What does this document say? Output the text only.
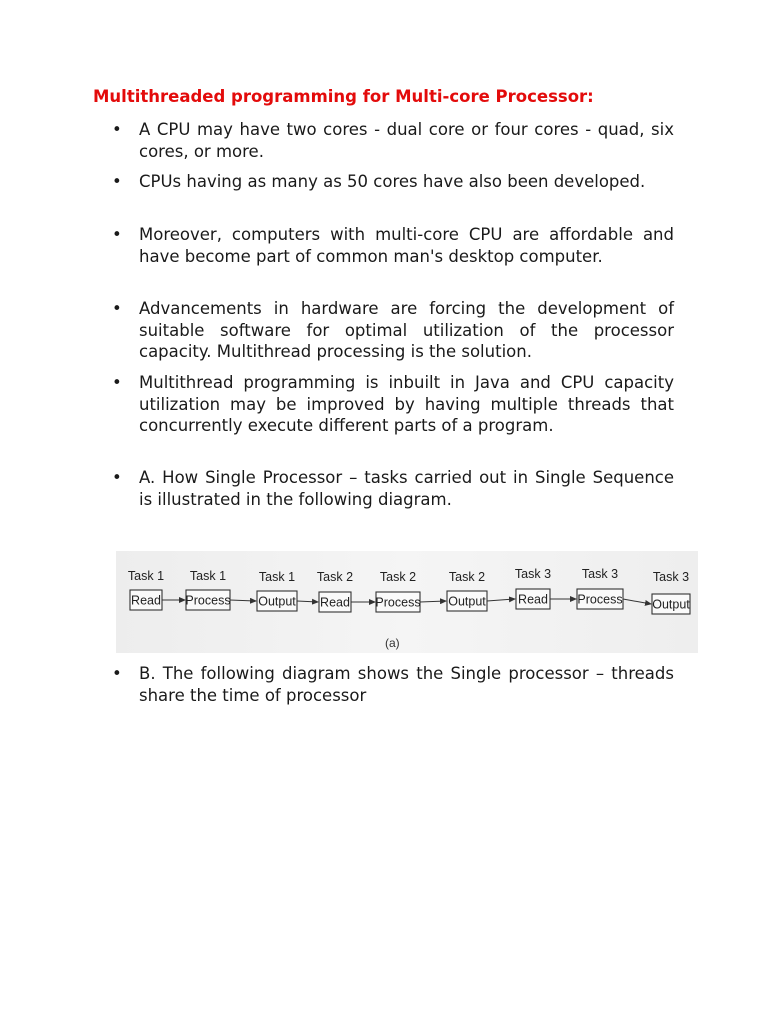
Multithreaded programming for Multi-core Processor:
•	A CPU may have two cores - dual core or four cores - quad, six cores, or more.
•	CPUs having as many as 50 cores have also been developed.
•	Moreover, computers with multi-core CPU are affordable and have become part of common man's desktop computer.
•	Advancements in hardware are forcing the development of suitable software for optimal utilization of the processor capacity. Multithread processing is the solution.
•	Multithread programming is inbuilt in Java and CPU capacity utilization may be improved by having multiple threads that concurrently execute different parts of a program.
•	A. How Single Processor – tasks carried out in Single Sequence is illustrated in the following diagram.
•	B. The following diagram shows the Single processor – threads share the time of processor
Task 1
Read
Task 1
Process
Task 1
Output
Task 2
Read
Task 2
Process
Task 2
Output
Task 3
Read
Task 3
Process
Task 3
Output
(a)
